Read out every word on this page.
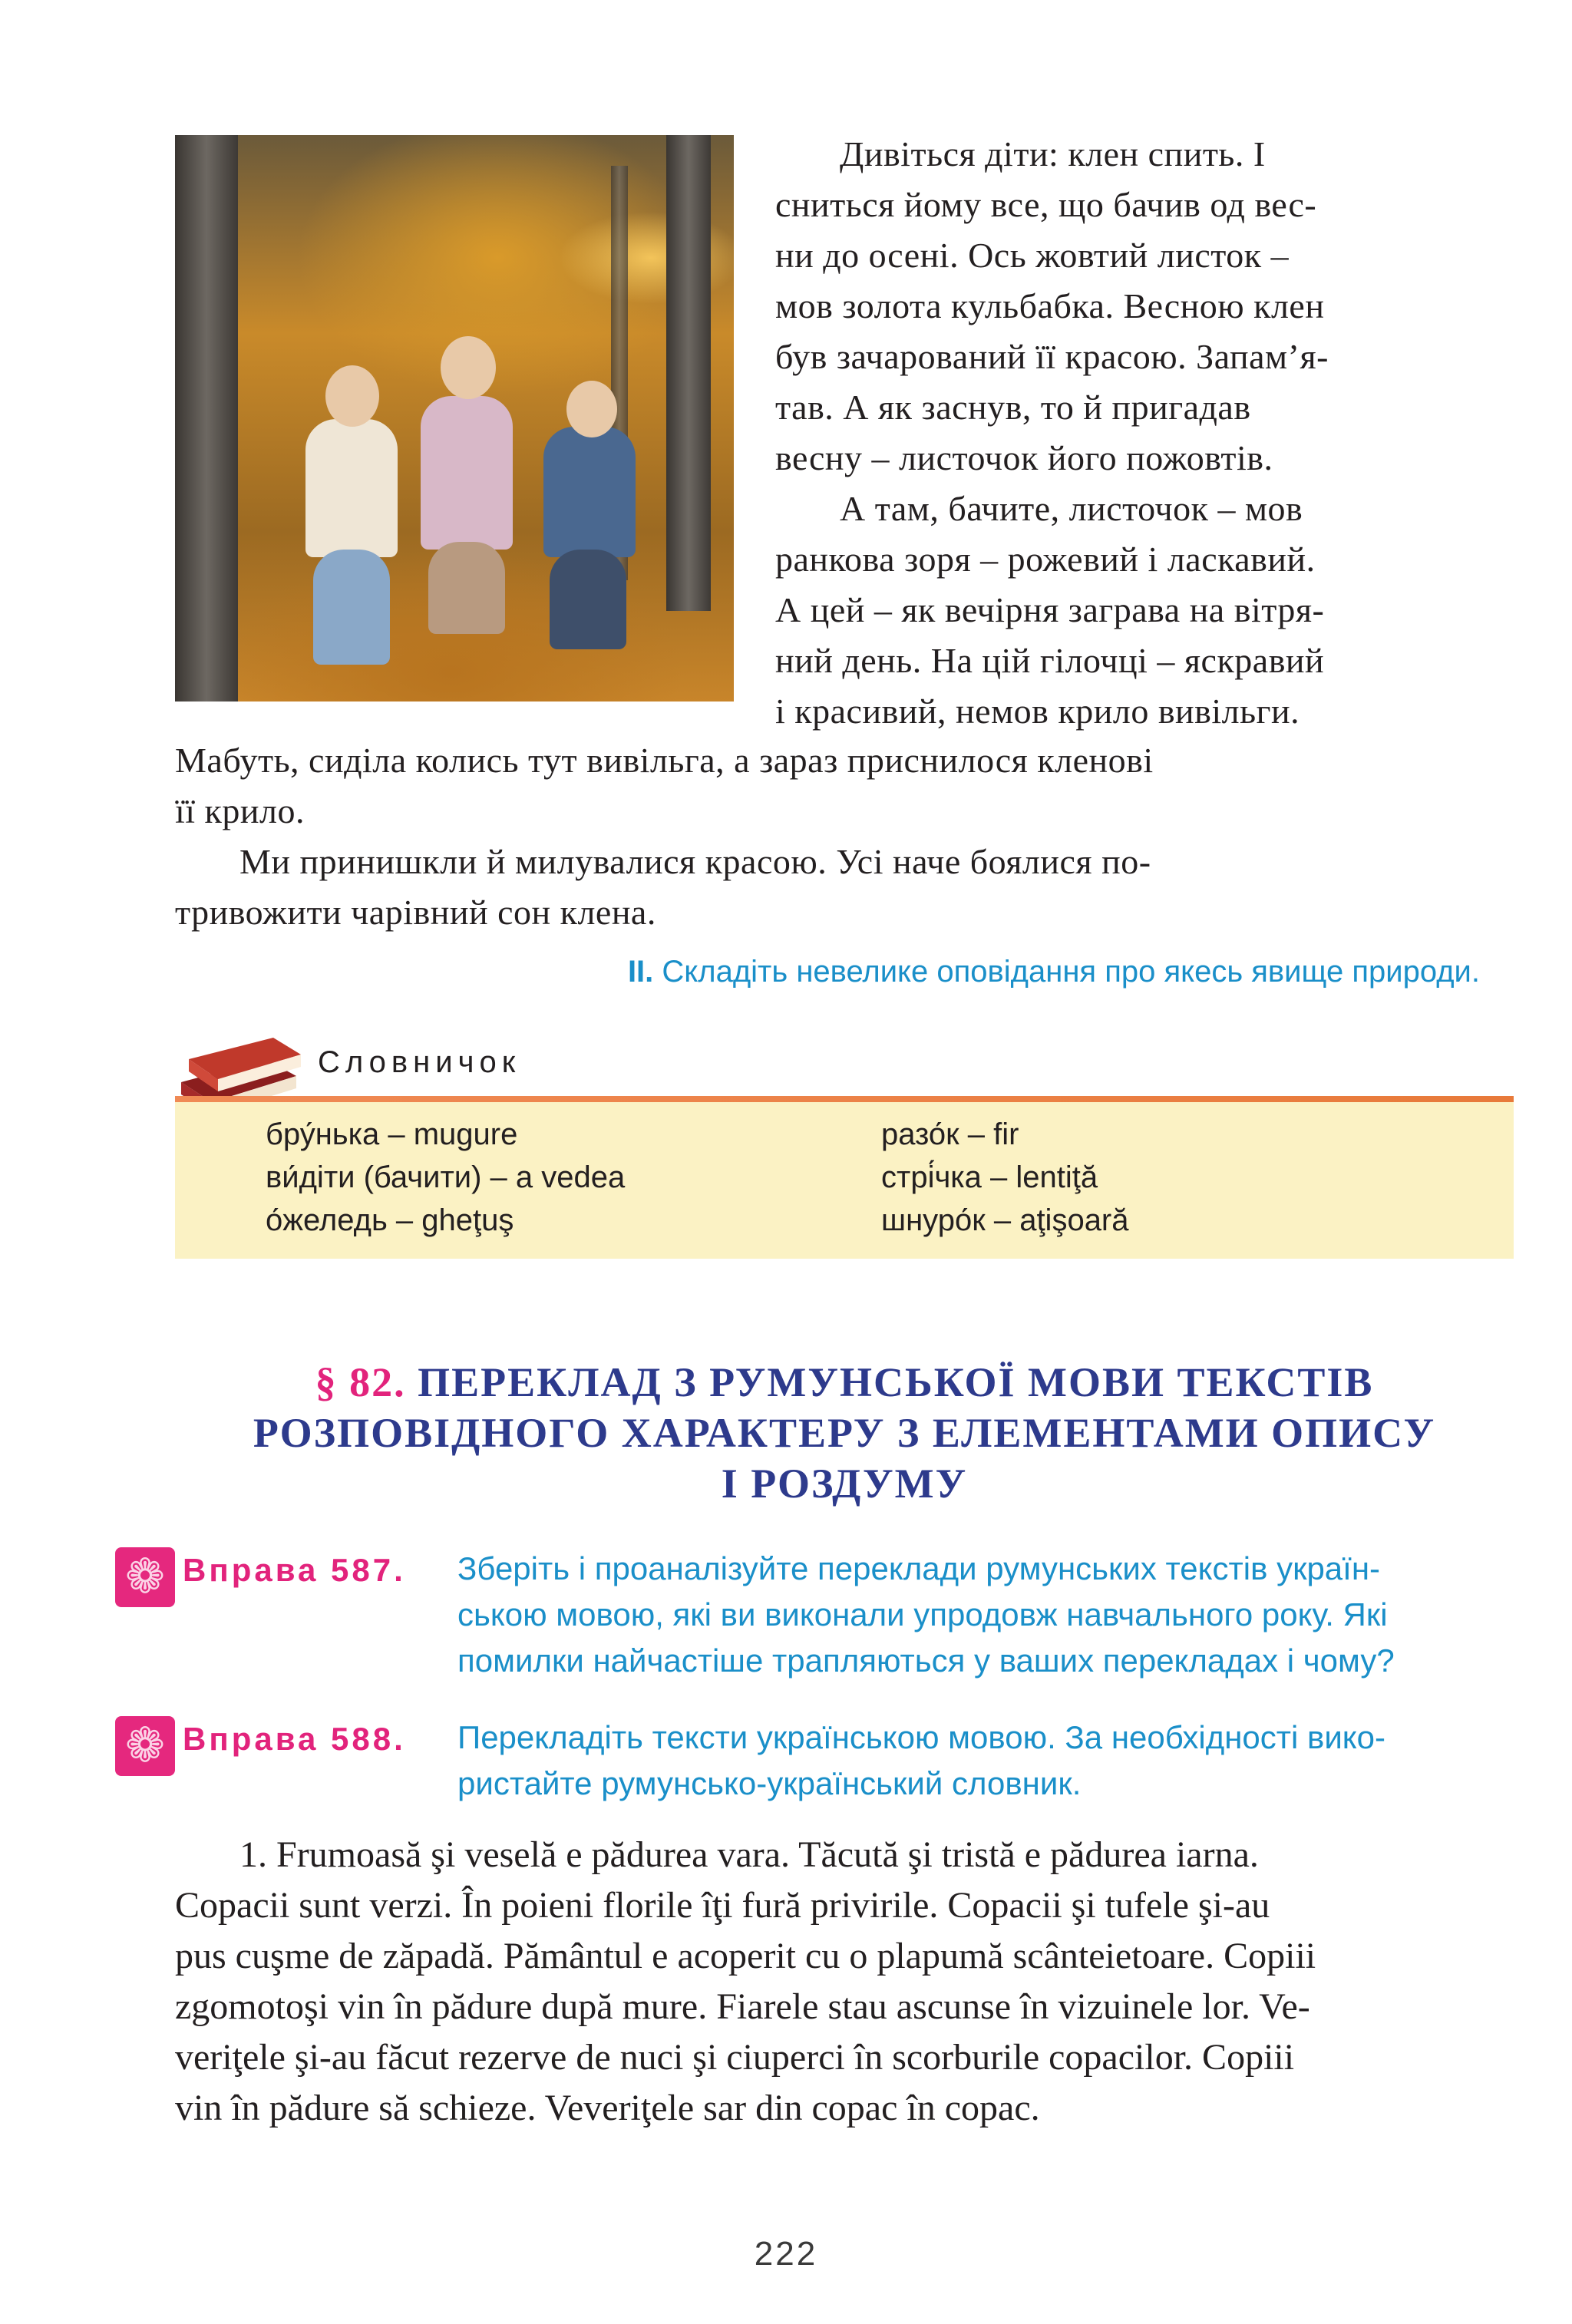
Дивіться діти: клен спить. І

сниться йому все, що бачив од вес-

ни до осені. Ось жовтий листок –

мов золота кульбабка. Весною клен

був зачарований її красою. Запам’я-

тав. А як заснув, то й пригадав

весну – листочок його пожовтів.

А там, бачите, листочок – мов

ранкова зоря – рожевий і ласкавий.

А цей – як вечірня заграва на вітря-

ний день. На цій гілочці – яскравий

і красивий, немов крило вивільги.

Мабуть, сиділа колись тут вивільга, а зараз приснилося кленові

її крило.

Ми принишкли й милувалися красою. Усі наче боялися по-

тривожити чарівний сон клена.

II. Складіть невелике оповідання про якесь явище природи.
Словничок
бру́нька – mugure
ви́діти (бачити) – a vedea
о́желедь – gheţuş
разо́к – fir
стрі́чка – lentiţă
шнуро́к – aţişoară
§ 82. ПЕРЕКЛАД З РУМУНСЬКОЇ МОВИ ТЕКСТІВ
РОЗПОВІДНОГО ХАРАКТЕРУ З ЕЛЕМЕНТАМИ ОПИСУ
І РОЗДУМУ
❁
Вправа 587. Зберіть і проаналізуйте переклади румунських текстів україн-
ською мовою, які ви виконали упродовж навчального року. Які
помилки найчастіше трапляються у ваших перекладах і чому?
❁
Вправа 588. Перекладіть тексти українською мовою. За необхідності вико-
ристайте румунсько-український словник.
1. Frumoasă şi veselă e pădurea vara. Tăcută şi tristă e pădurea iarna.
Copacii sunt verzi. În poieni florile îţi fură privirile. Copacii şi tufele şi-au
pus cuşme de zăpadă. Pământul e acoperit cu o plapumă scânteietoare. Copiii
zgomotoşi vin în pădure după mure. Fiarele stau ascunse în vizuinele lor. Ve-
veriţele şi-au făcut rezerve de nuci şi ciuperci în scorburile copacilor. Copiii
vin în pădure să schieze. Veveriţele sar din copac în copac.
222
